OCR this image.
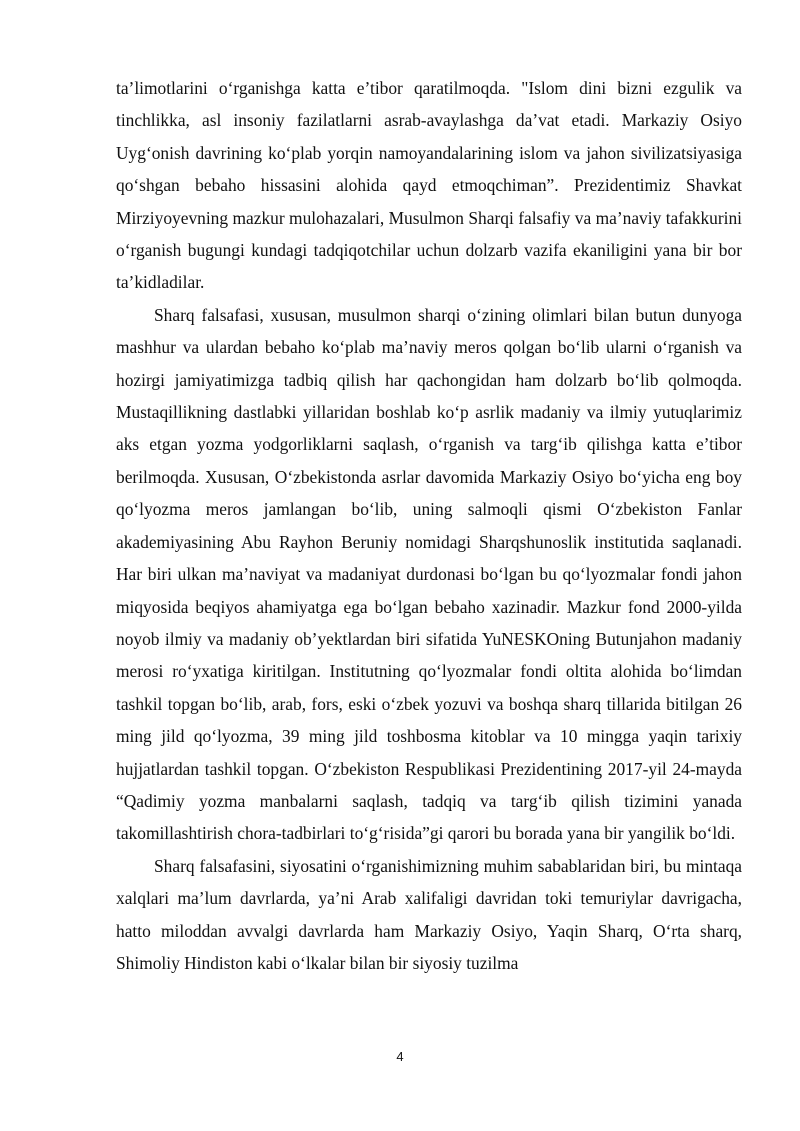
ta’limotlarini o‘rganishga katta e’tibor qaratilmoqda. "Islom dini bizni ezgulik va tinchlikka, asl insoniy fazilatlarni asrab-avaylashga da’vat etadi. Markaziy Osiyo Uyg‘onish davrining ko‘plab yorqin namoyandalarining islom va jahon sivilizatsiyasiga qo‘shgan bebaho hissasini alohida qayd etmoqchiman”. Prezidentimiz Shavkat Mirziyoyevning mazkur mulohazalari, Musulmon Sharqi falsafiy va ma’naviy tafakkurini o‘rganish bugungi kundagi tadqiqotchilar uchun dolzarb vazifa ekaniligini yana bir bor ta’kidladilar.

Sharq falsafasi, xususan, musulmon sharqi o‘zining olimlari bilan butun dunyoga mashhur va ulardan bebaho ko‘plab ma’naviy meros qolgan bo‘lib ularni o‘rganish va hozirgi jamiyatimizga tadbiq qilish har qachongidan ham dolzarb bo‘lib qolmoqda. Mustaqillikning dastlabki yillaridan boshlab ko‘p asrlik madaniy va ilmiy yutuqlarimiz aks etgan yozma yodgorliklarni saqlash, o‘rganish va targ‘ib qilishga katta e’tibor berilmoqda. Xususan, O‘zbekistonda asrlar davomida Markaziy Osiyo bo‘yicha eng boy qo‘lyozma meros jamlangan bo‘lib, uning salmoqli qismi O‘zbekiston Fanlar akademiyasining Abu Rayhon Beruniy nomidagi Sharqshunoslik institutida saqlanadi. Har biri ulkan ma’naviyat va madaniyat durdonasi bo‘lgan bu qo‘lyozmalar fondi jahon miqyosida beqiyos ahamiyatga ega bo‘lgan bebaho xazinadir. Mazkur fond 2000-yilda noyob ilmiy va madaniy ob’yektlardan biri sifatida YuNESKOning Butunjahon madaniy merosi ro‘yxatiga kiritilgan. Institutning qo‘lyozmalar fondi oltita alohida bo‘limdan tashkil topgan bo‘lib, arab, fors, eski o‘zbek yozuvi va boshqa sharq tillarida bitilgan 26 ming jild qo‘lyozma, 39 ming jild toshbosma kitoblar va 10 mingga yaqin tarixiy hujjatlardan tashkil topgan. O‘zbekiston Respublikasi Prezidentining 2017-yil 24-mayda “Qadimiy yozma manbalarni saqlash, tadqiq va targ‘ib qilish tizimini yanada takomillashtirish chora-tadbirlari to‘g‘risida”gi qarori bu borada yana bir yangilik bo‘ldi.

Sharq falsafasini, siyosatini o‘rganishimizning muhim sabablaridan biri, bu mintaqa xalqlari ma’lum davrlarda, ya’ni Arab xalifaligi davridan toki temuriylar davrigacha, hatto miloddan avvalgi davrlarda ham Markaziy Osiyo, Yaqin Sharq, O‘rta sharq, Shimoliy Hindiston kabi o‘lkalar bilan bir siyosiy tuzilma

4
